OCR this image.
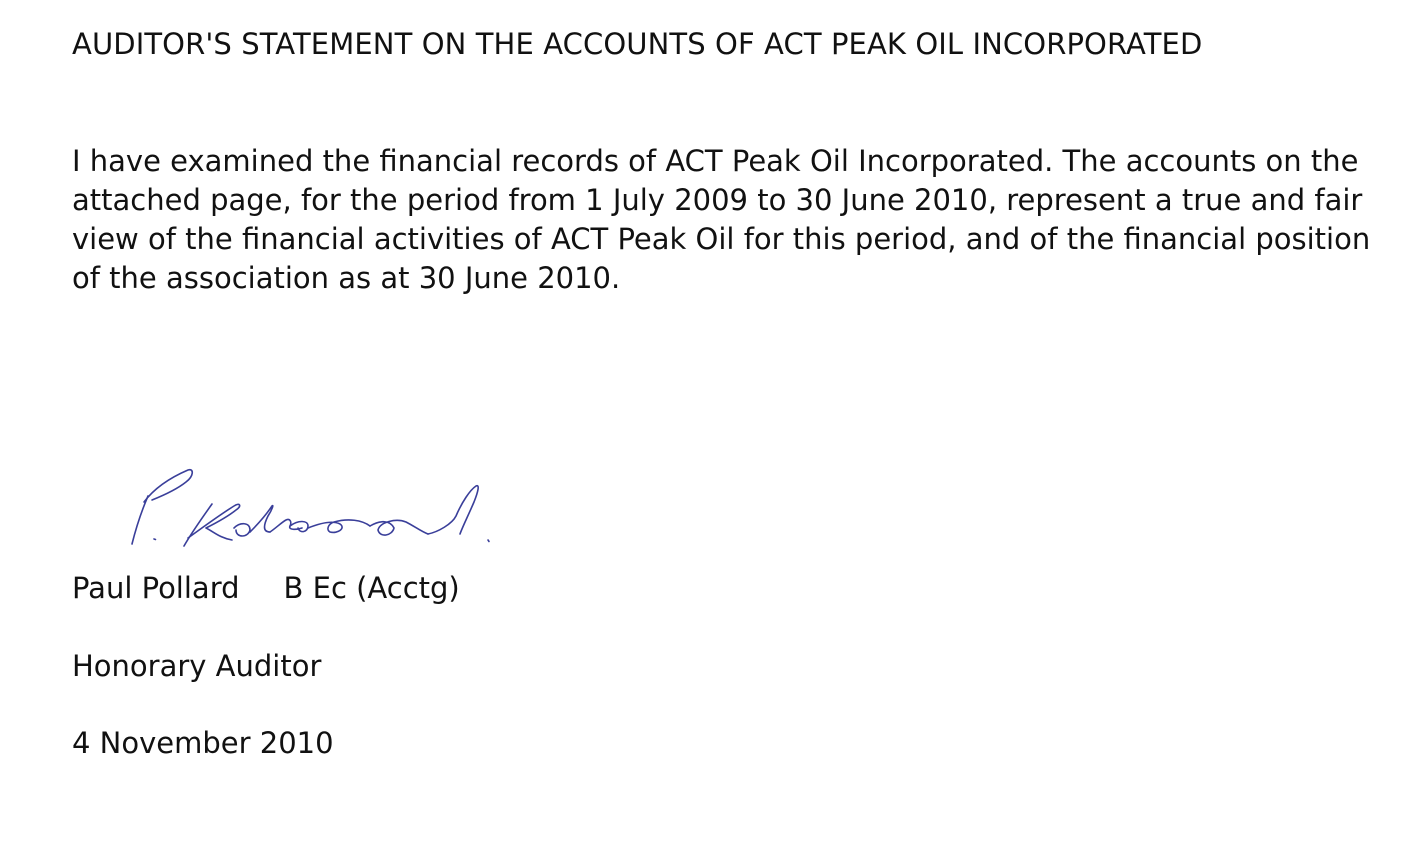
AUDITOR'S STATEMENT ON THE ACCOUNTS OF ACT PEAK OIL INCORPORATED

I have examined the financial records of ACT Peak Oil Incorporated. The accounts on the attached page, for the period from 1 July 2009 to 30 June 2010, represent a true and fair view of the financial activities of ACT Peak Oil for this period, and of the financial position of the association as at 30 June 2010.

Paul Pollard B Ec (Acctg)
Honorary Auditor
4 November 2010
